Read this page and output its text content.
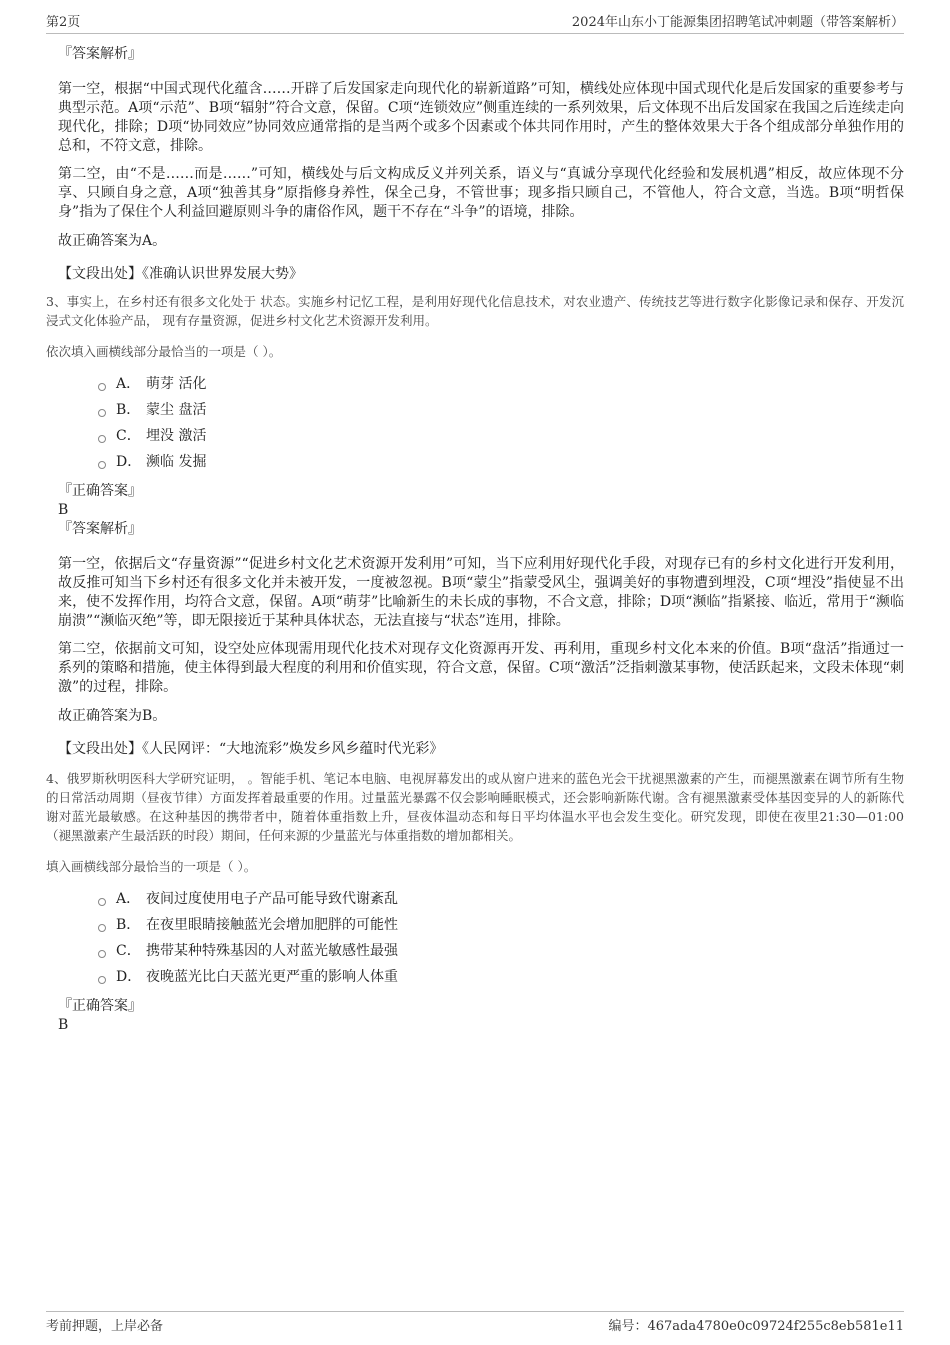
第2页	2024年山东小丁能源集团招聘笔试冲刺题（带答案解析）

『答案解析』

第一空，根据“中国式现代化蕴含……开辟了后发国家走向现代化的崭新道路”可知，横线处应体现中国式现代化是后发国家的重要参考与典型示范。A项“示范”、B项“辐射”符合文意，保留。C项“连锁效应”侧重连续的一系列效果，后文体现不出后发国家在我国之后连续走向现代化，排除；D项“协同效应”协同效应通常指的是当两个或多个因素或个体共同作用时，产生的整体效果大于各个组成部分单独作用的总和，不符文意，排除。

第二空，由“不是……而是……”可知，横线处与后文构成反义并列关系，语义与“真诚分享现代化经验和发展机遇”相反，故应体现不分享、只顾自身之意，A项“独善其身”原指修身养性，保全己身，不管世事；现多指只顾自己，不管他人，符合文意，当选。B项“明哲保身”指为了保住个人利益回避原则斗争的庸俗作风，题干不存在“斗争”的语境，排除。

故正确答案为A。

【文段出处】《准确认识世界发展大势》

3、事实上，在乡村还有很多文化处于 状态。实施乡村记忆工程，是利用好现代化信息技术，对农业遗产、传统技艺等进行数字化影像记录和保存、开发沉浸式文化体验产品， 现有存量资源，促进乡村文化艺术资源开发利用。

依次填入画横线部分最恰当的一项是（ ）。

A． 萌芽 活化
B． 蒙尘 盘活
C． 埋没 激活
D． 濒临 发掘

『正确答案』

B

『答案解析』

第一空，依据后文“存量资源”“促进乡村文化艺术资源开发利用”可知，当下应利用好现代化手段，对现存已有的乡村文化进行开发利用，故反推可知当下乡村还有很多文化并未被开发，一度被忽视。B项“蒙尘”指蒙受风尘，强调美好的事物遭到埋没，C项“埋没”指使显不出来，使不发挥作用，均符合文意，保留。A项“萌芽”比喻新生的未长成的事物，不合文意，排除；D项“濒临”指紧接、临近，常用于“濒临崩溃”“濒临灭绝”等，即无限接近于某种具体状态，无法直接与“状态”连用，排除。

第二空，依据前文可知，设空处应体现需用现代化技术对现存文化资源再开发、再利用，重现乡村文化本来的价值。B项“盘活”指通过一系列的策略和措施，使主体得到最大程度的利用和价值实现，符合文意，保留。C项“激活”泛指刺激某事物，使活跃起来，文段未体现“刺激”的过程，排除。

故正确答案为B。

【文段出处】《人民网评：“大地流彩”焕发乡风乡蕴时代光彩》

4、俄罗斯秋明医科大学研究证明， 。智能手机、笔记本电脑、电视屏幕发出的或从窗户进来的蓝色光会干扰褪黑激素的产生，而褪黑激素在调节所有生物的日常活动周期（昼夜节律）方面发挥着最重要的作用。过量蓝光暴露不仅会影响睡眠模式，还会影响新陈代谢。含有褪黑激素受体基因变异的人的新陈代谢对蓝光最敏感。在这种基因的携带者中，随着体重指数上升，昼夜体温动态和每日平均体温水平也会发生变化。研究发现，即使在夜里21:30—01:00（褪黑激素产生最活跃的时段）期间，任何来源的少量蓝光与体重指数的增加都相关。

填入画横线部分最恰当的一项是（ ）。

A． 夜间过度使用电子产品可能导致代谢紊乱
B． 在夜里眼睛接触蓝光会增加肥胖的可能性
C． 携带某种特殊基因的人对蓝光敏感性最强
D． 夜晚蓝光比白天蓝光更严重的影响人体重

『正确答案』

B

考前押题，上岸必备	编号：467ada4780e0c09724f255c8eb581e11
